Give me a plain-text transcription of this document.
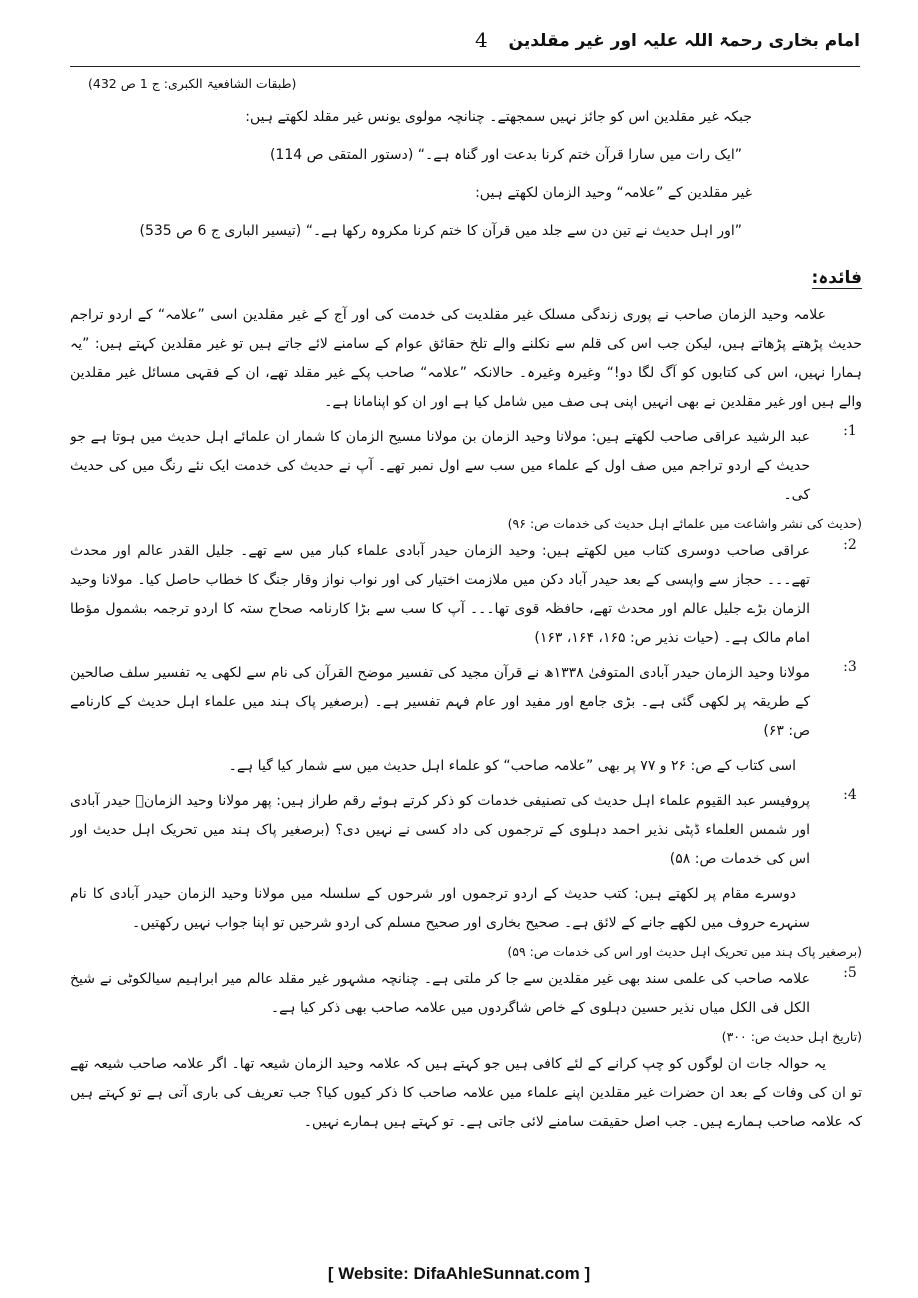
امام بخاری رحمۃ اللہ علیہ اور غیر مقلدین
4

(طبقات الشافعیۃ الکبری: ج 1 ص 432)

جبکہ غیر مقلدین اس کو جائز نہیں سمجھتے۔ چنانچہ مولوی یونس غیر مقلد لکھتے ہیں:

”ایک رات میں سارا قرآن ختم کرنا بدعت اور گناہ ہے۔“ (دستور المتقی ص 114)

غیر مقلدین کے ”علامہ“ وحید الزمان لکھتے ہیں:

”اور اہل حدیث نے تین دن سے جلد میں قرآن کا ختم کرنا مکروہ رکھا ہے۔“ (تیسیر الباری ج 6 ص 535)

فائدہ:

علامہ وحید الزمان صاحب نے پوری زندگی مسلک غیر مقلدیت کی خدمت کی اور آج کے غیر مقلدین اسی ”علامہ“ کے اردو تراجم حدیث پڑھتے پڑھاتے ہیں، لیکن جب اس کی قلم سے نکلنے والے تلخ حقائق عوام کے سامنے لائے جاتے ہیں تو غیر مقلدین کہتے ہیں: ”یہ ہمارا نہیں، اس کی کتابوں کو آگ لگا دو!“ وغیرہ وغیرہ۔ حالانکہ ”علامہ“ صاحب پکے غیر مقلد تھے، ان کے فقہی مسائل غیر مقلدین والے ہیں اور غیر مقلدین نے بھی انہیں اپنی ہی صف میں شامل کیا ہے اور ان کو اپنامانا ہے۔

1:

عبد الرشید عراقی صاحب لکھتے ہیں: مولانا وحید الزمان بن مولانا مسیح الزمان کا شمار ان علمائے اہل حدیث میں ہوتا ہے جو حدیث کے اردو تراجم میں صف اول کے علماء میں سب سے اول نمبر تھے۔ آپ نے حدیث کی خدمت ایک نئے رنگ میں کی حدیث کی۔

(حدیث کی نشر واشاعت میں علمائے اہل حدیث کی خدمات ص: ۹۶)

2:

عراقی صاحب دوسری کتاب میں لکھتے ہیں: وحید الزمان حیدر آبادی علماء کبار میں سے تھے۔ جلیل القدر عالم اور محدث تھے۔۔۔ حجاز سے واپسی کے بعد حیدر آباد دکن میں ملازمت اختیار کی اور نواب نواز وقار جنگ کا خطاب حاصل کیا۔ مولانا وحید الزمان بڑے جلیل عالم اور محدث تھے، حافظہ قوی تھا۔۔۔ آپ کا سب سے بڑا کارنامہ صحاح ستہ کا اردو ترجمہ بشمول مؤطا امام مالک ہے۔ (حیات نذیر ص: ۱۶۵، ۱۶۴، ۱۶۳)

3:

مولانا وحید الزمان حیدر آبادی المتوفیٰ ۱۳۳۸ھ نے قرآن مجید کی تفسیر موضح القرآن کی نام سے لکھی یہ تفسیر سلف صالحین کے طریقہ پر لکھی گئی ہے۔ بڑی جامع اور مفید اور عام فہم تفسیر ہے۔ (برصغیر پاک ہند میں علماء اہل حدیث کے کارنامے ص: ۶۳)

اسی کتاب کے ص: ۲۶ و ۷۷ پر بھی ”علامہ صاحب“ کو علماء اہل حدیث میں سے شمار کیا گیا ہے۔

4:

پروفیسر عبد القیوم علماء اہل حدیث کی تصنیفی خدمات کو ذکر کرتے ہوئے رقم طراز ہیں: پھر مولانا وحید الزمانؒ حیدر آبادی اور شمس العلماء ڈپٹی نذیر احمد دہلوی کے ترجموں کی داد کسی نے نہیں دی؟ (برصغیر پاک ہند میں تحریک اہل حدیث اور اس کی خدمات ص: ۵۸)

دوسرے مقام پر لکھتے ہیں: کتب حدیث کے اردو ترجموں اور شرحوں کے سلسلہ میں مولانا وحید الزمان حیدر آبادی کا نام سنہرے حروف میں لکھے جانے کے لائق ہے۔ صحیح بخاری اور صحیح مسلم کی اردو شرحیں تو اپنا جواب نہیں رکھتیں۔

(برصغیر پاک ہند میں تحریک اہل حدیث اور اس کی خدمات ص: ۵۹)

5:

علامہ صاحب کی علمی سند بھی غیر مقلدین سے جا کر ملتی ہے۔ چنانچہ مشہور غیر مقلد عالم میر ابراہیم سیالکوٹی نے شیخ الکل فی الکل میاں نذیر حسین دہلوی کے خاص شاگردوں میں علامہ صاحب بھی ذکر کیا ہے۔

(تاریخ اہل حدیث ص: ۳۰۰)

یہ حوالہ جات ان لوگوں کو چپ کرانے کے لئے کافی ہیں جو کہتے ہیں کہ علامہ وحید الزمان شیعہ تھا۔ اگر علامہ صاحب شیعہ تھے تو ان کی وفات کے بعد ان حضرات غیر مقلدین اپنے علماء میں علامہ صاحب کا ذکر کیوں کیا؟ جب تعریف کی باری آتی ہے تو کہتے ہیں کہ علامہ صاحب ہمارے ہیں۔ جب اصل حقیقت سامنے لائی جاتی ہے۔ تو کہتے ہیں ہمارے نہیں۔

[ Website: DifaAhleSunnat.com ]
